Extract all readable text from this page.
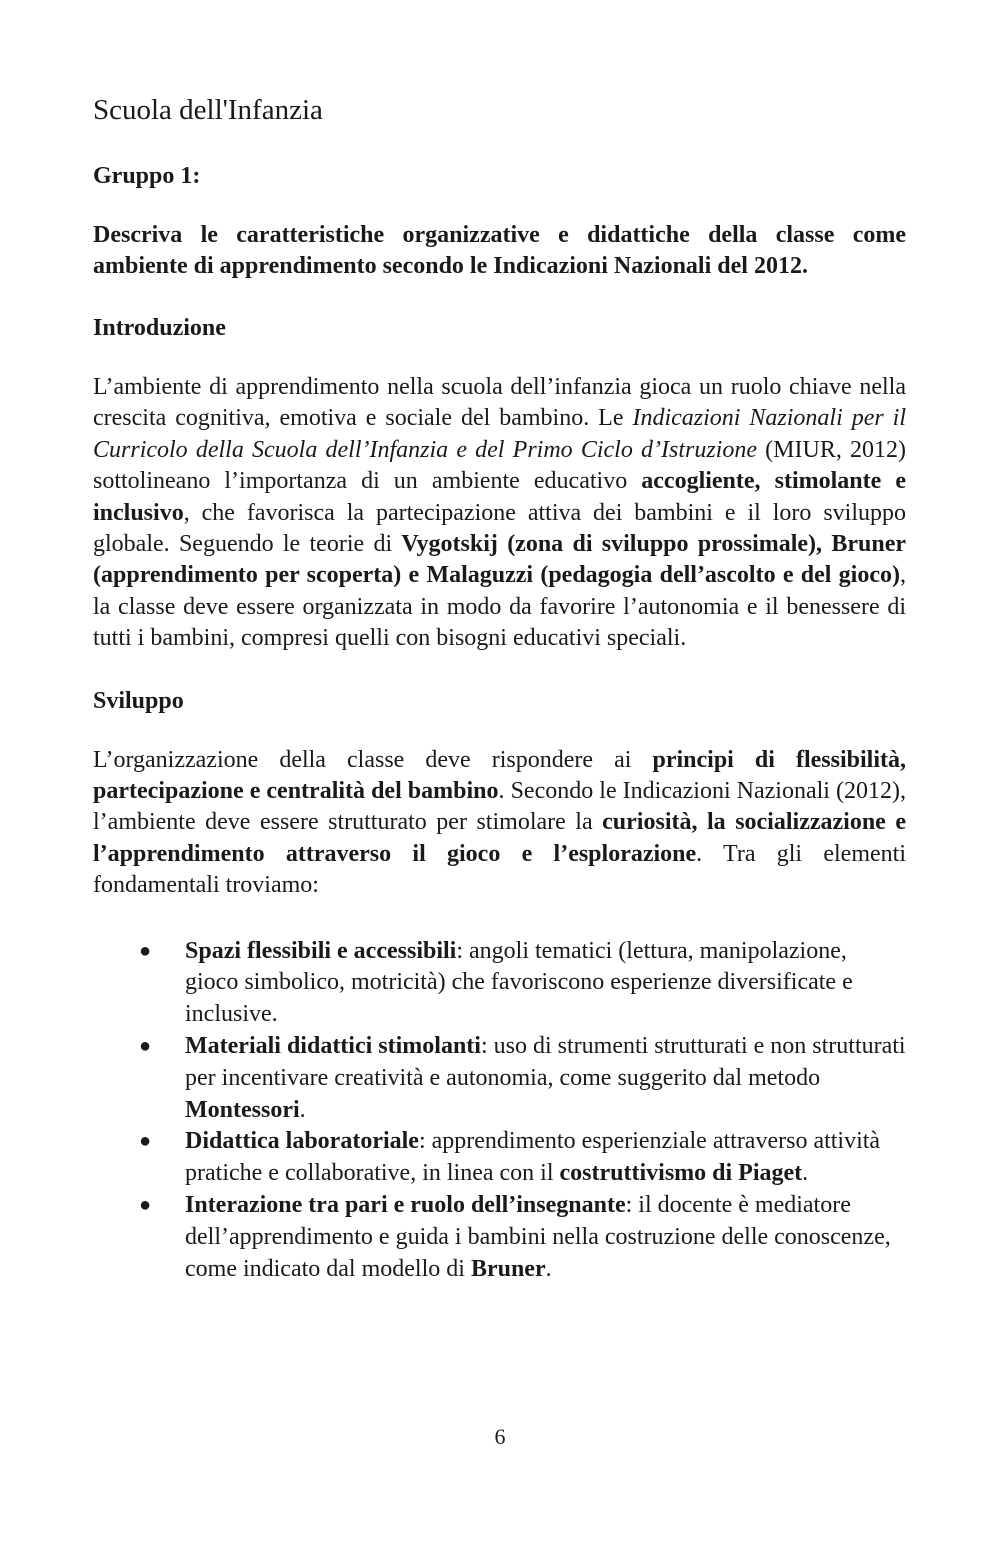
Scuola dell'Infanzia
Gruppo 1:
Descriva le caratteristiche organizzative e didattiche della classe come ambiente di apprendimento secondo le Indicazioni Nazionali del 2012.
Introduzione

L’ambiente di apprendimento nella scuola dell’infanzia gioca un ruolo chiave nella crescita cognitiva, emotiva e sociale del bambino. Le Indicazioni Nazionali per il Curricolo della Scuola dell’Infanzia e del Primo Ciclo d’Istruzione (MIUR, 2012) sottolineano l’importanza di un ambiente educativo accogliente, stimolante e inclusivo, che favorisca la partecipazione attiva dei bambini e il loro sviluppo globale. Seguendo le teorie di Vygotskij (zona di sviluppo prossimale), Bruner (apprendimento per scoperta) e Malaguzzi (pedagogia dell’ascolto e del gioco), la classe deve essere organizzata in modo da favorire l’autonomia e il benessere di tutti i bambini, compresi quelli con bisogni educativi speciali.

Sviluppo

L’organizzazione della classe deve rispondere ai principi di flessibilità, partecipazione e centralità del bambino. Secondo le Indicazioni Nazionali (2012), l’ambiente deve essere strutturato per stimolare la curiosità, la socializzazione e l’apprendimento attraverso il gioco e l’esplorazione. Tra gli elementi fondamentali troviamo:

● Spazi flessibili e accessibili: angoli tematici (lettura, manipolazione, gioco simbolico, motricità) che favoriscono esperienze diversificate e inclusive.
● Materiali didattici stimolanti: uso di strumenti strutturati e non strutturati per incentivare creatività e autonomia, come suggerito dal metodo Montessori.
● Didattica laboratoriale: apprendimento esperienziale attraverso attività pratiche e collaborative, in linea con il costruttivismo di Piaget.
● Interazione tra pari e ruolo dell’insegnante: il docente è mediatore dell’apprendimento e guida i bambini nella costruzione delle conoscenze, come indicato dal modello di Bruner.
6
